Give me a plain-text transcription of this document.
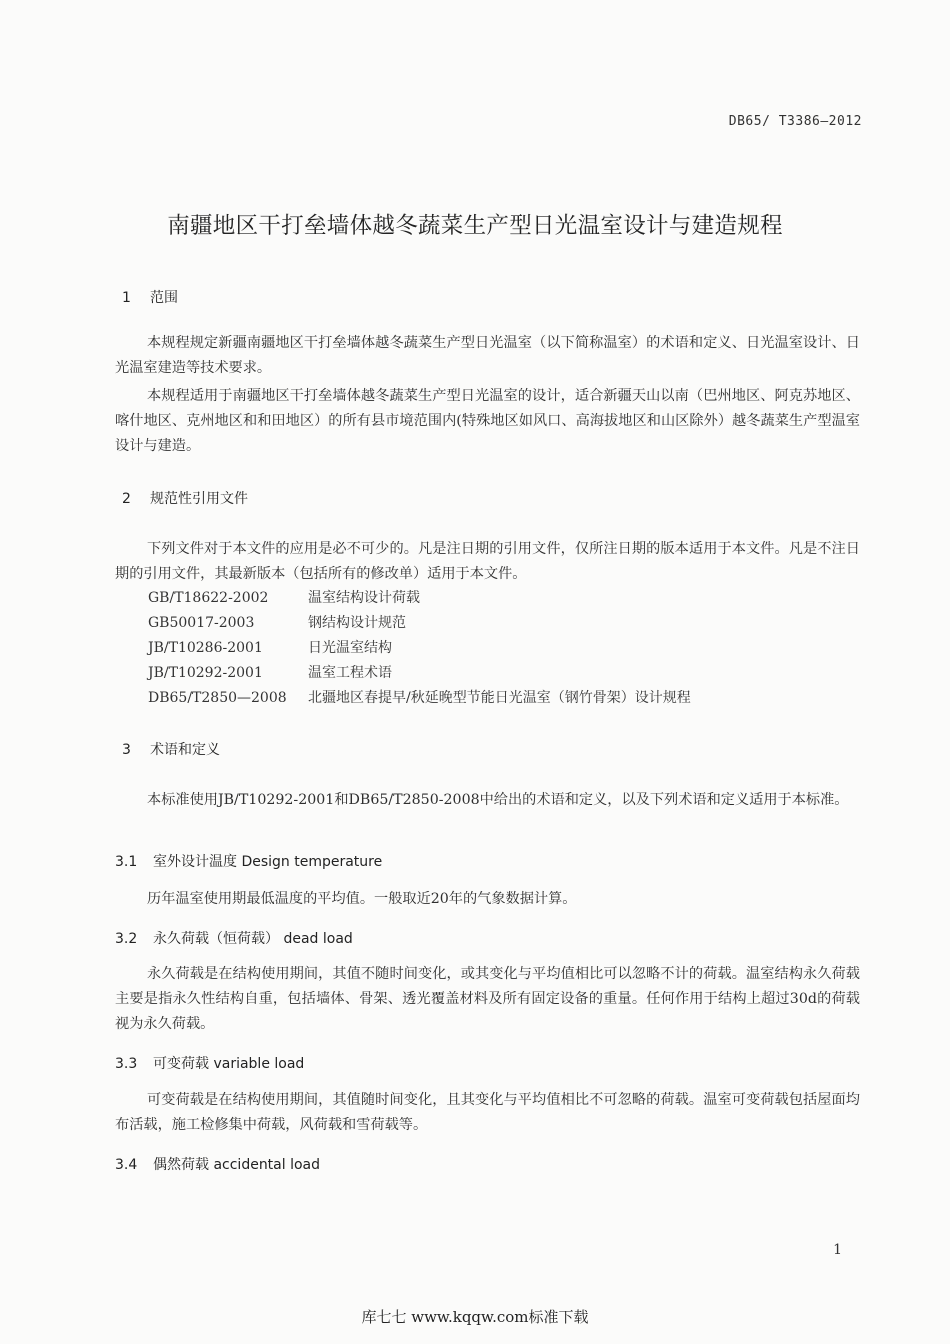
DB65/ T3386—2012
南疆地区干打垒墙体越冬蔬菜生产型日光温室设计与建造规程
1 范围
本规程规定新疆南疆地区干打垒墙体越冬蔬菜生产型日光温室（以下简称温室）的术语和定义、日光温室设计、日光温室建造等技术要求。
本规程适用于南疆地区干打垒墙体越冬蔬菜生产型日光温室的设计，适合新疆天山以南（巴州地区、阿克苏地区、喀什地区、克州地区和和田地区）的所有县市境范围内(特殊地区如风口、高海拔地区和山区除外）越冬蔬菜生产型温室设计与建造。
2 规范性引用文件
下列文件对于本文件的应用是必不可少的。凡是注日期的引用文件，仅所注日期的版本适用于本文件。凡是不注日期的引用文件，其最新版本（包括所有的修改单）适用于本文件。
GB/T18622-2002	温室结构设计荷载
GB50017-2003	钢结构设计规范
JB/T10286-2001	日光温室结构
JB/T10292-2001	温室工程术语
DB65/T2850—2008 北疆地区春提早/秋延晚型节能日光温室（钢竹骨架）设计规程
3 术语和定义
本标准使用JB/T10292-2001和DB65/T2850-2008中给出的术语和定义，以及下列术语和定义适用于本标准。
3.1 室外设计温度 Design temperature
历年温室使用期最低温度的平均值。一般取近20年的气象数据计算。
3.2 永久荷载（恒荷载） dead load
永久荷载是在结构使用期间，其值不随时间变化，或其变化与平均值相比可以忽略不计的荷载。温室结构永久荷载主要是指永久性结构自重，包括墙体、骨架、透光覆盖材料及所有固定设备的重量。任何作用于结构上超过30d的荷载视为永久荷载。
3.3 可变荷载 variable load
可变荷载是在结构使用期间，其值随时间变化，且其变化与平均值相比不可忽略的荷载。温室可变荷载包括屋面均布活载，施工检修集中荷载，风荷载和雪荷载等。
3.4 偶然荷载 accidental load
1
库七七 www.kqqw.com标准下载
